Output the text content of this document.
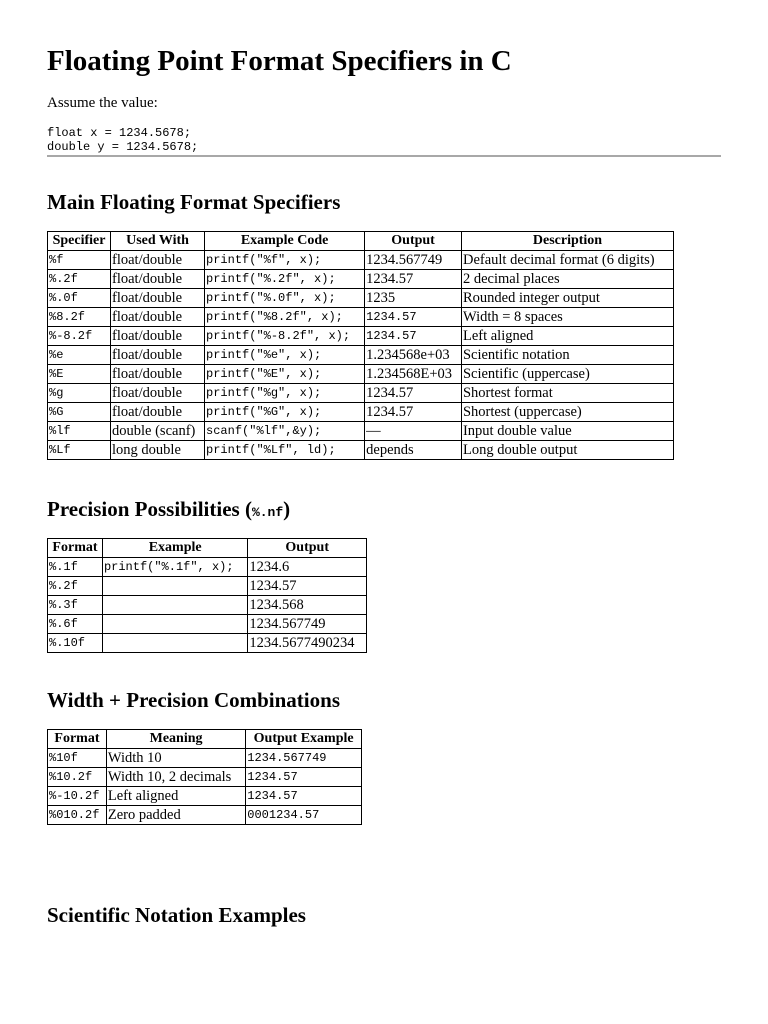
Floating Point Format Specifiers in C

Assume the value:

float x = 1234.5678;
double y = 1234.5678;
Main Floating Format Specifiers
Specifier	Used With	Example Code	Output	Description
%f	float/double	printf("%f", x);	1234.567749	Default decimal format (6 digits)
%.2f	float/double	printf("%.2f", x);	1234.57	2 decimal places
%.0f	float/double	printf("%.0f", x);	1235	Rounded integer output
%8.2f	float/double	printf("%8.2f", x);	1234.57	Width = 8 spaces
%-8.2f	float/double	printf("%-8.2f", x);	1234.57	Left aligned
%e	float/double	printf("%e", x);	1.234568e+03	Scientific notation
%E	float/double	printf("%E", x);	1.234568E+03	Scientific (uppercase)
%g	float/double	printf("%g", x);	1234.57	Shortest format
%G	float/double	printf("%G", x);	1234.57	Shortest (uppercase)
%lf	double (scanf)	scanf("%lf",&y);	—	Input double value
%Lf	long double	printf("%Lf", ld);	depends	Long double output
Precision Possibilities (%.nf)
Format	Example	Output
%.1f	printf("%.1f", x);	1234.6
%.2f		1234.57
%.3f		1234.568
%.6f		1234.567749
%.10f		1234.5677490234
Width + Precision Combinations
Format	Meaning	Output Example
%10f	Width 10	1234.567749
%10.2f	Width 10, 2 decimals	1234.57
%-10.2f	Left aligned	1234.57
%010.2f	Zero padded	0001234.57
Scientific Notation Examples
